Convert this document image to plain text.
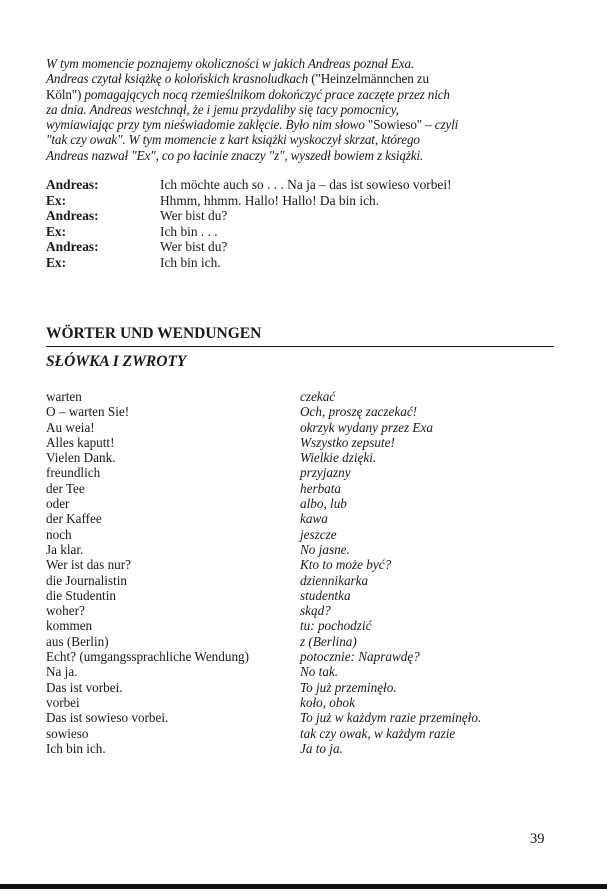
W tym momencie poznajemy okoliczności w jakich Andreas poznał Exa.
Andreas czytał książkę o kolońskich krasnoludkach ("Heinzelmännchen zu
Köln") pomagających nocą rzemieślnikom dokończyć prace zaczęte przez nich
za dnia. Andreas westchnął, że i jemu przydaliby się tacy pomocnicy,
wymiawiając przy tym nieświadomie zaklęcie. Było nim słowo "Sowieso" – czyli
"tak czy owak". W tym momencie z kart książki wyskoczył skrzat, którego
Andreas nazwał "Ex", co po łacinie znaczy "z", wyszedł bowiem z książki.
Andreas:	Ich möchte auch so . . . Na ja – das ist sowieso vorbei!
Ex:	Hhmm, hhmm. Hallo! Hallo! Da bin ich.
Andreas:	Wer bist du?
Ex:	Ich bin . . .
Andreas:	Wer bist du?
Ex:	Ich bin ich.
WÖRTER UND WENDUNGEN
SŁÓWKA I ZWROTY
warten	czekać
O – warten Sie!	Och, proszę zaczekać!
Au weia!	okrzyk wydany przez Exa
Alles kaputt!	Wszystko zepsute!
Vielen Dank.	Wielkie dzięki.
freundlich	przyjazny
der Tee	herbata
oder	albo, lub
der Kaffee	kawa
noch	jeszcze
Ja klar.	No jasne.
Wer ist das nur?	Kto to może być?
die Journalistin	dziennikarka
die Studentin	studentka
woher?	skąd?
kommen	tu: pochodzić
aus (Berlin)	z (Berlina)
Echt? (umgangssprachliche Wendung)	potocznie: Naprawdę?
Na ja.	No tak.
Das ist vorbei.	To już przeminęło.
vorbei	koło, obok
Das ist sowieso vorbei.	To już w każdym razie przeminęło.
sowieso	tak czy owak, w każdym razie
Ich bin ich.	Ja to ja.
39
